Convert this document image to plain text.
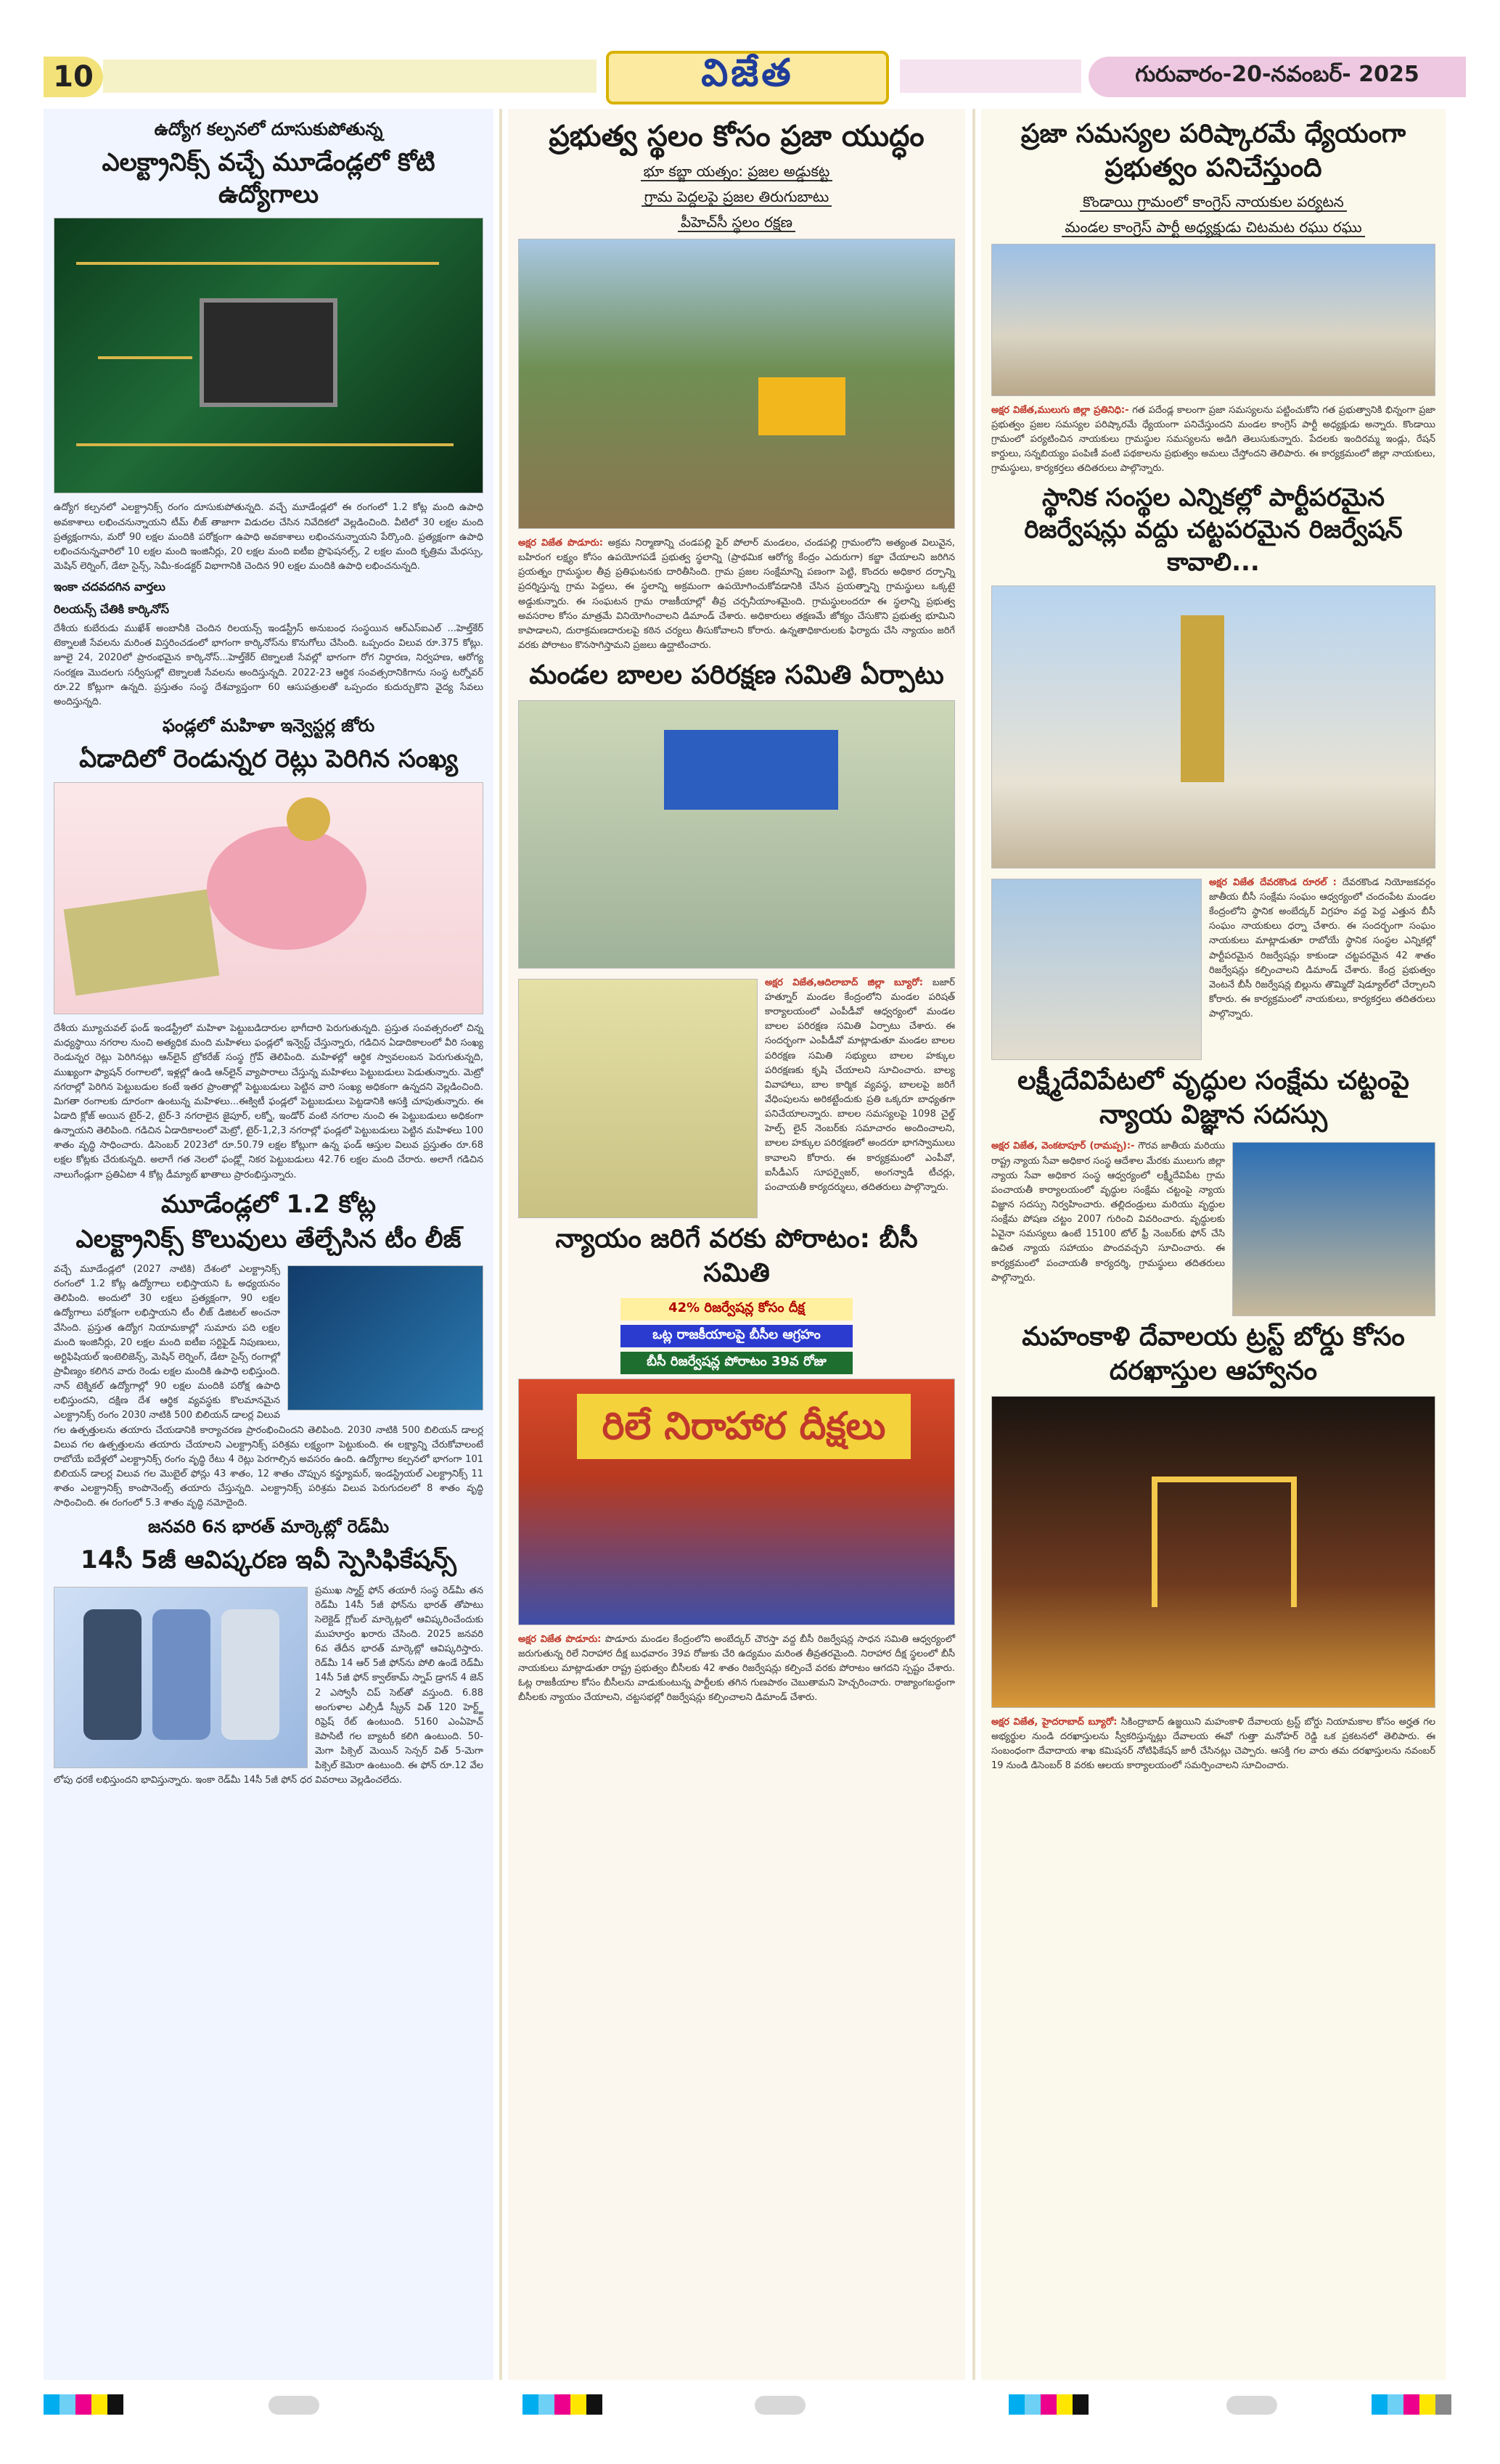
10	విజేత	గురువారం-20-నవంబర్- 2025
ఉద్యోగ కల్పనలో దూసుకుపోతున్న
ఎలక్ట్రానిక్స్ వచ్చే మూడేండ్లలో కోటి ఉద్యోగాలు

ఉద్యోగ కల్పనలో ఎలక్ట్రానిక్స్ రంగం దూసుకుపోతున్నది. వచ్చే మూడేండ్లలో ఈ రంగంలో 1.2 కోట్ల మంది ఉపాధి అవకాశాలు లభించనున్నాయని టీమ్ లీజ్ తాజాగా విడుదల చేసిన నివేదికలో వెల్లడించింది. వీటిలో 30 లక్షల మంది ప్రత్యక్షంగాను, మరో 90 లక్షల మందికి పరోక్షంగా ఉపాధి అవకాశాలు లభించనున్నాయని పేర్కొంది. ప్రత్యక్షంగా ఉపాధి లభించనున్నవారిలో 10 లక్షల మంది ఇంజినీర్లు, 20 లక్షల మంది ఐటీఐ ప్రొఫెషనల్స్, 2 లక్షల మంది కృత్రిమ మేధస్సు, మెషిన్ లెర్నింగ్, డేటా సైన్స్, సెమీ-కండక్టర్ విభాగానికి చెందిన 90 లక్షల మందికి ఉపాధి లభించనున్నది.

ఇంకా చదవదగిన వార్తలు
రిలయన్స్ చేతికి కార్కినోస్

దేశీయ కుబేరుడు ముఖేశ్ అంబానీకి చెందిన రిలయన్స్ ఇండస్ట్రీస్ అనుబంధ సంస్థయిన ఆర్ఎస్ఐఎల్ ...హెల్త్‌కేర్ టెక్నాలజీ సేవలను మరింత విస్తరించడంలో భాగంగా కార్కినోస్‌ను కొనుగోలు చేసింది. ఒప్పందం విలువ రూ.375 కోట్లు. జూలై 24, 2020లో ప్రారంభమైన కార్కినోస్...హెల్త్‌కేర్ టెక్నాలజీ సేవల్లో భాగంగా రోగ నిర్ధారణ, నిర్వహణ, ఆరోగ్య సంరక్షణ మొదలగు సర్వీసుల్లో టెక్నాలజీ సేవలను అందిస్తున్నది. 2022-23 ఆర్థిక సంవత్సరానికిగాను సంస్థ టర్నోవర్ రూ.22 కోట్లుగా ఉన్నది. ప్రస్తుతం సంస్థ దేశవ్యాప్తంగా 60 ఆసుపత్రులతో ఒప్పందం కుదుర్చుకొని వైద్య సేవలు అందిస్తున్నది.

ఫండ్లలో మహిళా ఇన్వెస్టర్ల జోరు
ఏడాదిలో రెండున్నర రెట్లు పెరిగిన సంఖ్య

దేశీయ మ్యూచువల్ ఫండ్ ఇండస్ట్రీలో మహిళా పెట్టుబడిదారుల భాగీదారి పెరుగుతున్నది. ప్రస్తుత సంవత్సరంలో చిన్న మధ్యస్థాయి నగరాల నుంచి అత్యధిక మంది మహిళలు ఫండ్లలో ఇన్వెస్ట్ చేస్తున్నారు, గడిచిన ఏడాదికాలంలో వీరి సంఖ్య రెండున్నర రెట్లు పెరిగినట్లు ఆన్‌లైన్ బ్రోకరేజ్ సంస్థ గ్రోవ్ తెలిపింది. మహిళల్లో ఆర్థిక స్వావలంబన పెరుగుతున్నది, ముఖ్యంగా ఫ్యాషన్ రంగాలలో, ఇళ్లల్లో ఉండి ఆన్‌లైన్ వ్యాపారాలు చేస్తున్న మహిళలు పెట్టుబడులు పెడుతున్నారు. మెట్రో నగరాల్లో పెరిగిన పెట్టుబడుల కంటే ఇతర ప్రాంతాల్లో పెట్టుబడులు పెట్టిన వారి సంఖ్య అధికంగా ఉన్నదని వెల్లడించింది. మిగతా రంగాలకు దూరంగా ఉంటున్న మహిళలు...ఈక్విటీ ఫండ్లలో పెట్టుబడులు పెట్టడానికి ఆసక్తి చూపుతున్నారు. ఈ ఏడాది క్లోజ్ అయిన టైర్-2, టైర్-3 నగరాలైన జైపూర్, లక్నో, ఇండోర్ వంటి నగరాల నుంచి ఈ పెట్టుబడులు అధికంగా ఉన్నాయని తెలిపింది. గడిచిన ఏడాదికాలంలో మెట్రో, టైర్-1,2,3 నగరాల్లో ఫండ్లలో పెట్టుబడులు పెట్టిన మహిళలు 100 శాతం వృద్ధి సాధించారు. డిసెంబర్ 2023లో రూ.50.79 లక్షల కోట్లుగా ఉన్న ఫండ్ ఆస్తుల విలువ ప్రస్తుతం రూ.68 లక్షల కోట్లకు చేరుకున్నది. అలాగే గత నెలలో ఫండ్ల్లో నికర పెట్టుబడులు 42.76 లక్షల మంది చేరారు. అలాగే గడిచిన నాలుగేండ్లుగా ప్రతిఏటా 4 కోట్ల డీమ్యాట్ ఖాతాలు ప్రారంభిస్తున్నారు.

మూడేండ్లలో 1.2 కోట్ల
ఎలక్ట్రానిక్స్ కొలువులు తేల్చేసిన టీం లీజ్

వచ్చే మూడేండ్లలో (2027 నాటికి) దేశంలో ఎలక్ట్రానిక్స్ రంగంలో 1.2 కోట్ల ఉద్యోగాలు లభిస్తాయని ఓ అధ్యయనం తెలిపింది. అందులో 30 లక్షలు ప్రత్యక్షంగా, 90 లక్షల ఉద్యోగాలు పరోక్షంగా లభిస్తాయని టీం లీజ్ డిజిటల్ అంచనా వేసింది. ప్రస్తుత ఉద్యోగ నియామకాల్లో సుమారు పది లక్షల మంది ఇంజినీర్లు, 20 లక్షల మంది ఐటీఐ సర్టిఫైడ్ నిపుణులు, అర్టిఫిషియల్ ఇంటెలిజెన్స్, మెషిన్ లెర్నింగ్, డేటా సైన్స్ రంగాల్లో ప్రావీణ్యం కలిగిన వారు రెండు లక్షల మందికి ఉపాధి లభిస్తుంది. నాన్ టెక్నికల్ ఉద్యోగాల్లో 90 లక్షల మందికి పరోక్ష ఉపాధి లభిస్తుందని, దక్షిణ దేశ ఆర్థిక వ్యవస్థకు కొలమానమైన ఎలక్ట్రానిక్స్ రంగం 2030 నాటికి 500 బిలియన్ డాలర్ల విలువ గల ఉత్పత్తులను తయారు చేయడానికి కార్యాచరణ ప్రారంభించిందని తెలిపింది. 2030 నాటికి 500 బిలియన్ డాలర్ల విలువ గల ఉత్పత్తులను తయారు చేయాలని ఎలక్ట్రానిక్స్ పరిశ్రమ లక్ష్యంగా పెట్టుకుంది. ఈ లక్ష్యాన్ని చేరుకోవాలంటే రాబోయే ఐదేళ్లలో ఎలక్ట్రానిక్స్ రంగం వృద్ధి రేటు 4 రెట్లు పెరగాల్సిన అవసరం ఉంది. ఉద్యోగాల కల్పనలో భాగంగా 101 బిలియన్ డాలర్ల విలువ గల మొబైల్ ఫోన్లు 43 శాతం, 12 శాతం చొప్పున కన్జ్యూమర్, ఇండస్ట్రియల్ ఎలక్ట్రానిక్స్ 11 శాతం ఎలక్ట్రానిక్స్ కాంపొనెంట్స్ తయారు చేస్తున్నది. ఎలక్ట్రానిక్స్ పరిశ్రమ విలువ పెరుగుదలలో 8 శాతం వృద్ధి సాధించింది. ఈ రంగంలో 5.3 శాతం వృద్ధి నమోదైంది.

జనవరి 6న భారత్ మార్కెట్లో రెడ్‌మీ
14సీ 5జీ ఆవిష్కరణ ఇవీ స్పెసిఫికేషన్స్

ప్రముఖ స్మార్ట్ ఫోన్ తయారీ సంస్థ రెడ్‌మీ తన రెడ్‌మీ 14సీ 5జీ ఫోన్‌ను భారత్ తోపాటు సెలెక్టెడ్ గ్లోబల్ మార్కెట్లలో ఆవిష్కరించేందుకు ముహూర్తం ఖరారు చేసింది. 2025 జనవరి 6వ తేదీన భారత్ మార్కెట్లో ఆవిష్కరిస్తారు. రెడ్‌మీ 14 ఆర్ 5జీ ఫోన్‌ను పోలి ఉండే రెడ్‌మీ 14సీ 5జీ ఫోన్ క్వాల్‌కామ్ స్నాప్ డ్రాగన్ 4 జెన్ 2 ఎస్వోసీ చిప్ సెట్‌తో వస్తుంది. 6.88 అంగుళాల ఎల్సీడీ స్క్రీన్ విత్ 120 హెర్ట్జ్ రిఫ్రెష్ రేట్ ఉంటుంది. 5160 ఎంఏహెచ్ కెపాసిటీ గల బ్యాటరీ కలిగి ఉంటుంది. 50-మెగా పిక్సెల్ మెయిన్ సెన్సర్ విత్ 5-మెగా పిక్సెల్ కెమెరా ఉంటుంది. ఈ ఫోన్ రూ.12 వేల లోపు ధరకే లభిస్తుందని భావిస్తున్నారు. ఇంకా రెడ్‌మీ 14సీ 5జీ ఫోన్ ధర వివరాలు వెల్లడించలేదు.

ప్రభుత్వ స్థలం కోసం ప్రజా యుద్ధం
భూ కబ్జా యత్నం: ప్రజల అడ్డుకట్ట
గ్రామ పెద్దలపై ప్రజల తిరుగుబాటు
పీహెచ్‌సీ స్థలం రక్షణ

అక్షర విజేత పొడూరు: అక్రమ నిర్మాణాన్ని చండపల్లి ఫైర్ పోలార్ మండలం, చండపల్లి గ్రామంలోని అత్యంత విలువైన, బహిరంగ లక్ష్యం కోసం ఉపయోగపడే ప్రభుత్వ స్థలాన్ని (ప్రాథమిక ఆరోగ్య కేంద్రం ఎదురుగా) కబ్జా చేయాలని జరిగిన ప్రయత్నం గ్రామస్థుల తీవ్ర ప్రతిఘటనకు దారితీసింది. గ్రామ ప్రజల సంక్షేమాన్ని పణంగా పెట్టి, కొందరు అధికార దర్పాన్ని ప్రదర్శిస్తున్న గ్రామ పెద్దలు, ఈ స్థలాన్ని అక్రమంగా ఉపయోగించుకోవడానికి చేసిన ప్రయత్నాన్ని గ్రామస్థులు ఒక్కటై అడ్డుకున్నారు. ఈ సంఘటన గ్రామ రాజకీయాల్లో తీవ్ర చర్చనీయాంశమైంది. గ్రామస్థులందరూ ఈ స్థలాన్ని ప్రభుత్వ అవసరాల కోసం మాత్రమే వినియోగించాలని డిమాండ్ చేశారు. అధికారులు తక్షణమే జోక్యం చేసుకొని ప్రభుత్వ భూమిని కాపాడాలని, దురాక్రమణదారులపై కఠిన చర్యలు తీసుకోవాలని కోరారు. ఉన్నతాధికారులకు ఫిర్యాదు చేసి న్యాయం జరిగే వరకు పోరాటం కొనసాగిస్తామని ప్రజలు ఉద్ఘాటించారు.

మండల బాలల పరిరక్షణ సమితి ఏర్పాటు

అక్షర విజేత,ఆదిలాబాద్ జిల్లా బ్యూరో: బజార్ హత్నూర్ మండల కేంద్రంలోని మండల పరిషత్ కార్యాలయంలో ఎంపీడీవో ఆధ్వర్యంలో మండల బాలల పరిరక్షణ సమితి ఏర్పాటు చేశారు. ఈ సందర్భంగా ఎంపీడీవో మాట్లాడుతూ మండల బాలల పరిరక్షణ సమితి సభ్యులు బాలల హక్కుల పరిరక్షణకు కృషి చేయాలని సూచించారు. బాల్య వివాహాలు, బాల కార్మిక వ్యవస్థ, బాలలపై జరిగే వేధింపులను అరికట్టేందుకు ప్రతి ఒక్కరూ బాధ్యతగా పనిచేయాలన్నారు. బాలల సమస్యలపై 1098 చైల్డ్ హెల్ప్ లైన్ నెంబర్‌కు సమాచారం అందించాలని, బాలల హక్కుల పరిరక్షణలో అందరూ భాగస్వాములు కావాలని కోరారు. ఈ కార్యక్రమంలో ఎంపీవో, ఐసీడీఎస్ సూపర్వైజర్, అంగన్వాడీ టీచర్లు, పంచాయతీ కార్యదర్శులు, తదితరులు పాల్గొన్నారు.

న్యాయం జరిగే వరకు పోరాటం: బీసీ సమితి
42% రిజర్వేషన్ల కోసం దీక్ష
ఒట్ల రాజకీయాలపై బీసీల ఆగ్రహం
బీసీ రిజర్వేషన్ల పోరాటం 39వ రోజు
రిలే నిరాహార దీక్షలు

అక్షర విజేత పొడూరు: పొడూరు మండల కేంద్రంలోని అంబేద్కర్ చౌరస్తా వద్ద బీసీ రిజర్వేషన్ల సాధన సమితి ఆధ్వర్యంలో జరుగుతున్న రిలే నిరాహార దీక్ష బుధవారం 39వ రోజుకు చేరి ఉద్యమం మరింత తీవ్రతరమైంది. నిరాహార దీక్ష స్థలంలో బీసీ నాయకులు మాట్లాడుతూ రాష్ట్ర ప్రభుత్వం బీసీలకు 42 శాతం రిజర్వేషన్లు కల్పించే వరకు పోరాటం ఆగదని స్పష్టం చేశారు. ఓట్ల రాజకీయాల కోసం బీసీలను వాడుకుంటున్న పార్టీలకు తగిన గుణపాఠం చెబుతామని హెచ్చరించారు. రాజ్యాంగబద్ధంగా బీసీలకు న్యాయం చేయాలని, చట్టసభల్లో రిజర్వేషన్లు కల్పించాలని డిమాండ్ చేశారు.

ప్రజా సమస్యల పరిష్కారమే ధ్యేయంగా ప్రభుత్వం పనిచేస్తుంది
కొండాయి గ్రామంలో కాంగ్రెస్ నాయకుల పర్యటన
మండల కాంగ్రెస్ పార్టీ అధ్యక్షుడు చిటమట రఘు రఘు

అక్షర విజేత,ములుగు జిల్లా ప్రతినిధి:- గత పదేండ్ల కాలంగా ప్రజా సమస్యలను పట్టించుకోని గత ప్రభుత్వానికి భిన్నంగా ప్రజా ప్రభుత్వం ప్రజల సమస్యల పరిష్కారమే ధ్యేయంగా పనిచేస్తుందని మండల కాంగ్రెస్ పార్టీ అధ్యక్షుడు అన్నారు. కొండాయి గ్రామంలో పర్యటించిన నాయకులు గ్రామస్థుల సమస్యలను అడిగి తెలుసుకున్నారు. పేదలకు ఇందిరమ్మ ఇండ్లు, రేషన్ కార్డులు, సన్నబియ్యం పంపిణీ వంటి పథకాలను ప్రభుత్వం అమలు చేస్తోందని తెలిపారు. ఈ కార్యక్రమంలో జిల్లా నాయకులు, గ్రామస్థులు, కార్యకర్తలు తదితరులు పాల్గొన్నారు.

స్థానిక సంస్థల ఎన్నికల్లో పార్టీపరమైన రిజర్వేషన్లు వద్దు చట్టపరమైన రిజర్వేషన్ కావాలి...

అక్షర విజేత దేవరకొండ రూరల్ : దేవరకొండ నియోజకవర్గం జాతీయ బీసీ సంక్షేమ సంఘం ఆధ్వర్యంలో చందంపేట మండల కేంద్రంలోని స్థానిక అంబేద్కర్ విగ్రహం వద్ద పెద్ద ఎత్తున బీసీ సంఘం నాయకులు ధర్నా చేశారు. ఈ సందర్భంగా సంఘం నాయకులు మాట్లాడుతూ రాబోయే స్థానిక సంస్థల ఎన్నికల్లో పార్టీపరమైన రిజర్వేషన్లు కాకుండా చట్టపరమైన 42 శాతం రిజర్వేషన్లు కల్పించాలని డిమాండ్ చేశారు. కేంద్ర ప్రభుత్వం వెంటనే బీసీ రిజర్వేషన్ల బిల్లును తొమ్మిదో షెడ్యూల్‌లో చేర్చాలని కోరారు. ఈ కార్యక్రమంలో నాయకులు, కార్యకర్తలు తదితరులు పాల్గొన్నారు.

లక్ష్మీదేవిపేటలో వృద్ధుల సంక్షేమ చట్టంపై న్యాయ విజ్ఞాన సదస్సు

అక్షర విజేత, వెంకటాపూర్ (రామప్ప):- గౌరవ జాతీయ మరియు రాష్ట్ర న్యాయ సేవా అధికార సంస్థ ఆదేశాల మేరకు ములుగు జిల్లా న్యాయ సేవా అధికార సంస్థ ఆధ్వర్యంలో లక్ష్మీదేవిపేట గ్రామ పంచాయతీ కార్యాలయంలో వృద్ధుల సంక్షేమ చట్టంపై న్యాయ విజ్ఞాన సదస్సు నిర్వహించారు. తల్లిదండ్రులు మరియు వృద్ధుల సంక్షేమ పోషణ చట్టం 2007 గురించి వివరించారు. వృద్ధులకు ఏవైనా సమస్యలు ఉంటే 15100 టోల్ ఫ్రీ నెంబర్‌కు ఫోన్ చేసి ఉచిత న్యాయ సహాయం పొందవచ్చని సూచించారు. ఈ కార్యక్రమంలో పంచాయతీ కార్యదర్శి, గ్రామస్థులు తదితరులు పాల్గొన్నారు.

మహంకాళి దేవాలయ ట్రస్ట్ బోర్డు కోసం దరఖాస్తుల ఆహ్వానం

అక్షర విజేత, హైదరాబాద్ బ్యూరో: సికింద్రాబాద్ ఉజ్జయిని మహంకాళి దేవాలయ ట్రస్ట్ బోర్డు నియామకాల కోసం అర్హత గల అభ్యర్థుల నుండి దరఖాస్తులను స్వీకరిస్తున్నట్లు దేవాలయ ఈవో గుత్తా మనోహర్ రెడ్డి ఒక ప్రకటనలో తెలిపారు. ఈ సంబంధంగా దేవాదాయ శాఖ కమిషనర్ నోటిఫికేషన్ జారీ చేసినట్లు చెప్పారు. ఆసక్తి గల వారు తమ దరఖాస్తులను నవంబర్ 19 నుండి డిసెంబర్ 8 వరకు ఆలయ కార్యాలయంలో సమర్పించాలని సూచించారు.
